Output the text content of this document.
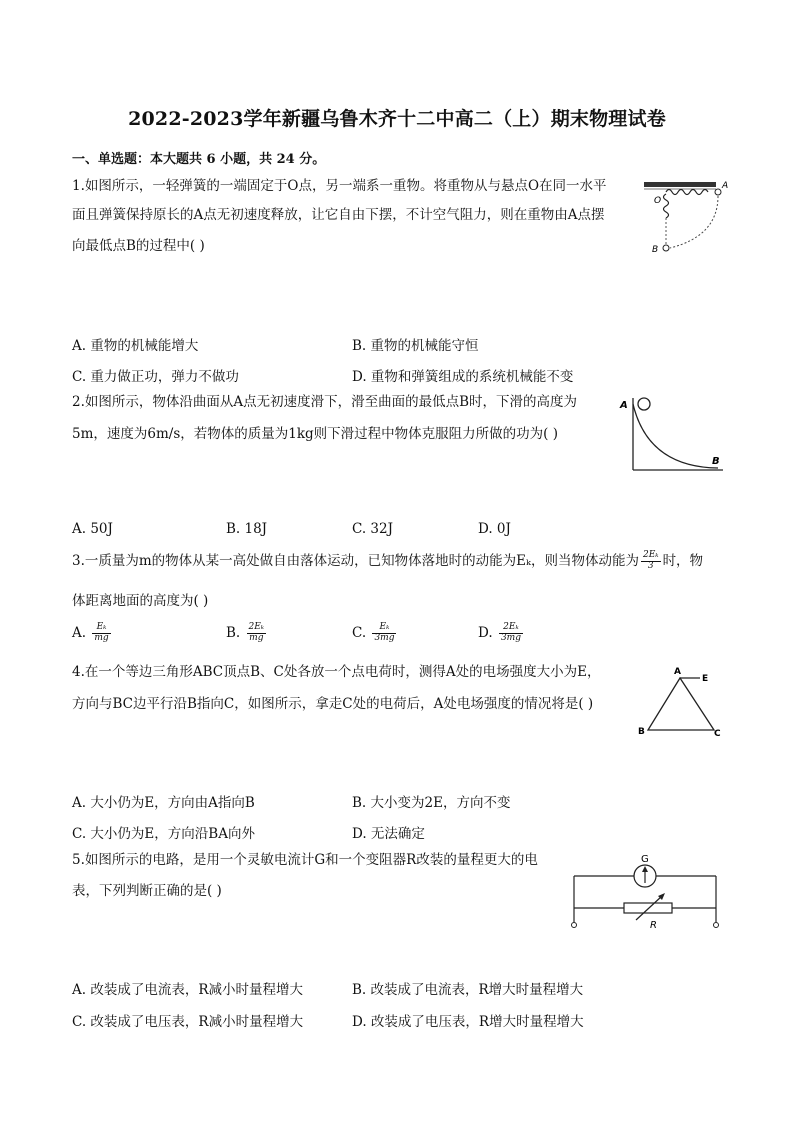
2022-2023学年新疆乌鲁木齐十二中高二（上）期末物理试卷
一、单选题：本大题共 6 小题，共 24 分。
1.如图所示，一轻弹簧的一端固定于O点，另一端系一重物。将重物从与悬点O在同一水平
面且弹簧保持原长的A点无初速度释放，让它自由下摆，不计空气阻力，则在重物由A点摆
向最低点B的过程中( )
O
A
B
A. 重物的机械能增大	B. 重物的机械能守恒
C. 重力做正功，弹力不做功	D. 重物和弹簧组成的系统机械能不变
2.如图所示，物体沿曲面从A点无初速度滑下，滑至曲面的最低点B时，下滑的高度为
5m，速度为6m/s，若物体的质量为1kg则下滑过程中物体克服阻力所做的功为( )
A
B
A. 50J	B. 18J	C. 32J	D. 0J
3.一质量为m的物体从某一高处做自由落体运动，已知物体落地时的动能为Eₖ，则当物体动能为 $\frac{\text{2Eₖ}}{3}$ 时，物
体距离地面的高度为( )
A. $\frac{\text{Eₖ}}{mg}$	B. $\frac{\text{2Eₖ}}{mg}$	C. $\frac{\text{Eₖ}}{3mg}$	D. $\frac{\text{2Eₖ}}{3mg}$
4.在一个等边三角形ABC顶点B、C处各放一个点电荷时，测得A处的电场强度大小为E，
方向与BC边平行沿B指向C，如图所示，拿走C处的电荷后，A处电场强度的情况将是( )
A
E
B	C
A. 大小仍为E，方向由A指向B	B. 大小变为2E，方向不变
C. 大小仍为E，方向沿BA向外	D. 无法确定
5.如图所示的电路，是用一个灵敏电流计G和一个变阻器R改装的量程更大的电
表，下列判断正确的是( )
G
R
A. 改装成了电流表，R减小时量程增大	B. 改装成了电流表，R增大时量程增大
C. 改装成了电压表，R减小时量程增大	D. 改装成了电压表，R增大时量程增大
